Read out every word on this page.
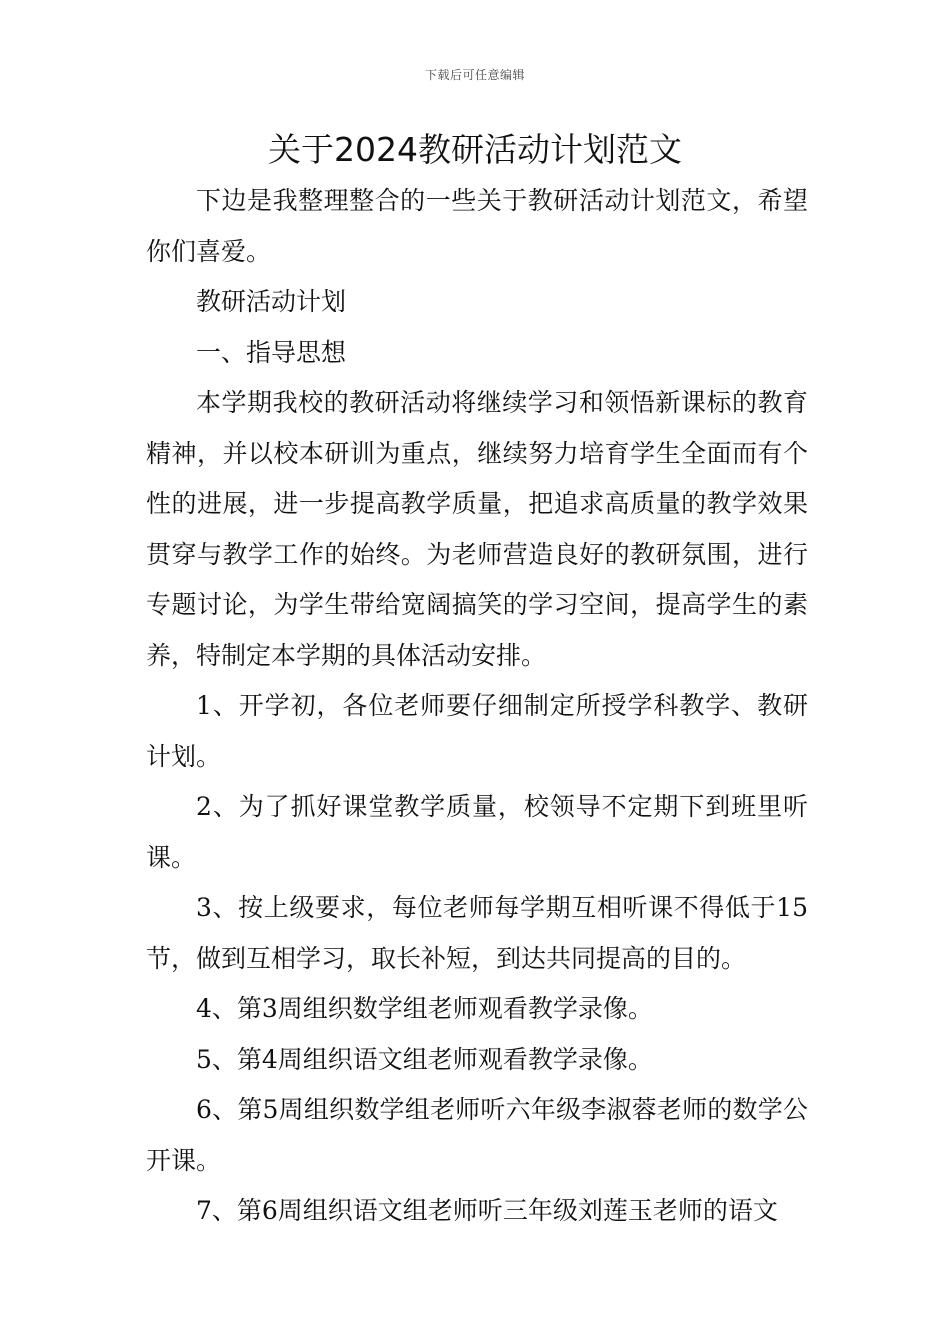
下载后可任意编辑
关于2024教研活动计划范文

下边是我整理整合的一些关于教研活动计划范文，希望你们喜爱。

教研活动计划

一、指导思想

本学期我校的教研活动将继续学习和领悟新课标的教育精神，并以校本研训为重点，继续努力培育学生全面而有个性的进展，进一步提高教学质量，把追求高质量的教学效果贯穿与教学工作的始终。为老师营造良好的教研氛围，进行专题讨论，为学生带给宽阔搞笑的学习空间，提高学生的素养，特制定本学期的具体活动安排。

1、开学初，各位老师要仔细制定所授学科教学、教研计划。

2、为了抓好课堂教学质量，校领导不定期下到班里听课。

3、按上级要求，每位老师每学期互相听课不得低于15节，做到互相学习，取长补短，到达共同提高的目的。

4、第3周组织数学组老师观看教学录像。

5、第4周组织语文组老师观看教学录像。

6、第5周组织数学组老师听六年级李淑蓉老师的数学公开课。

7、第6周组织语文组老师听三年级刘莲玉老师的语文
